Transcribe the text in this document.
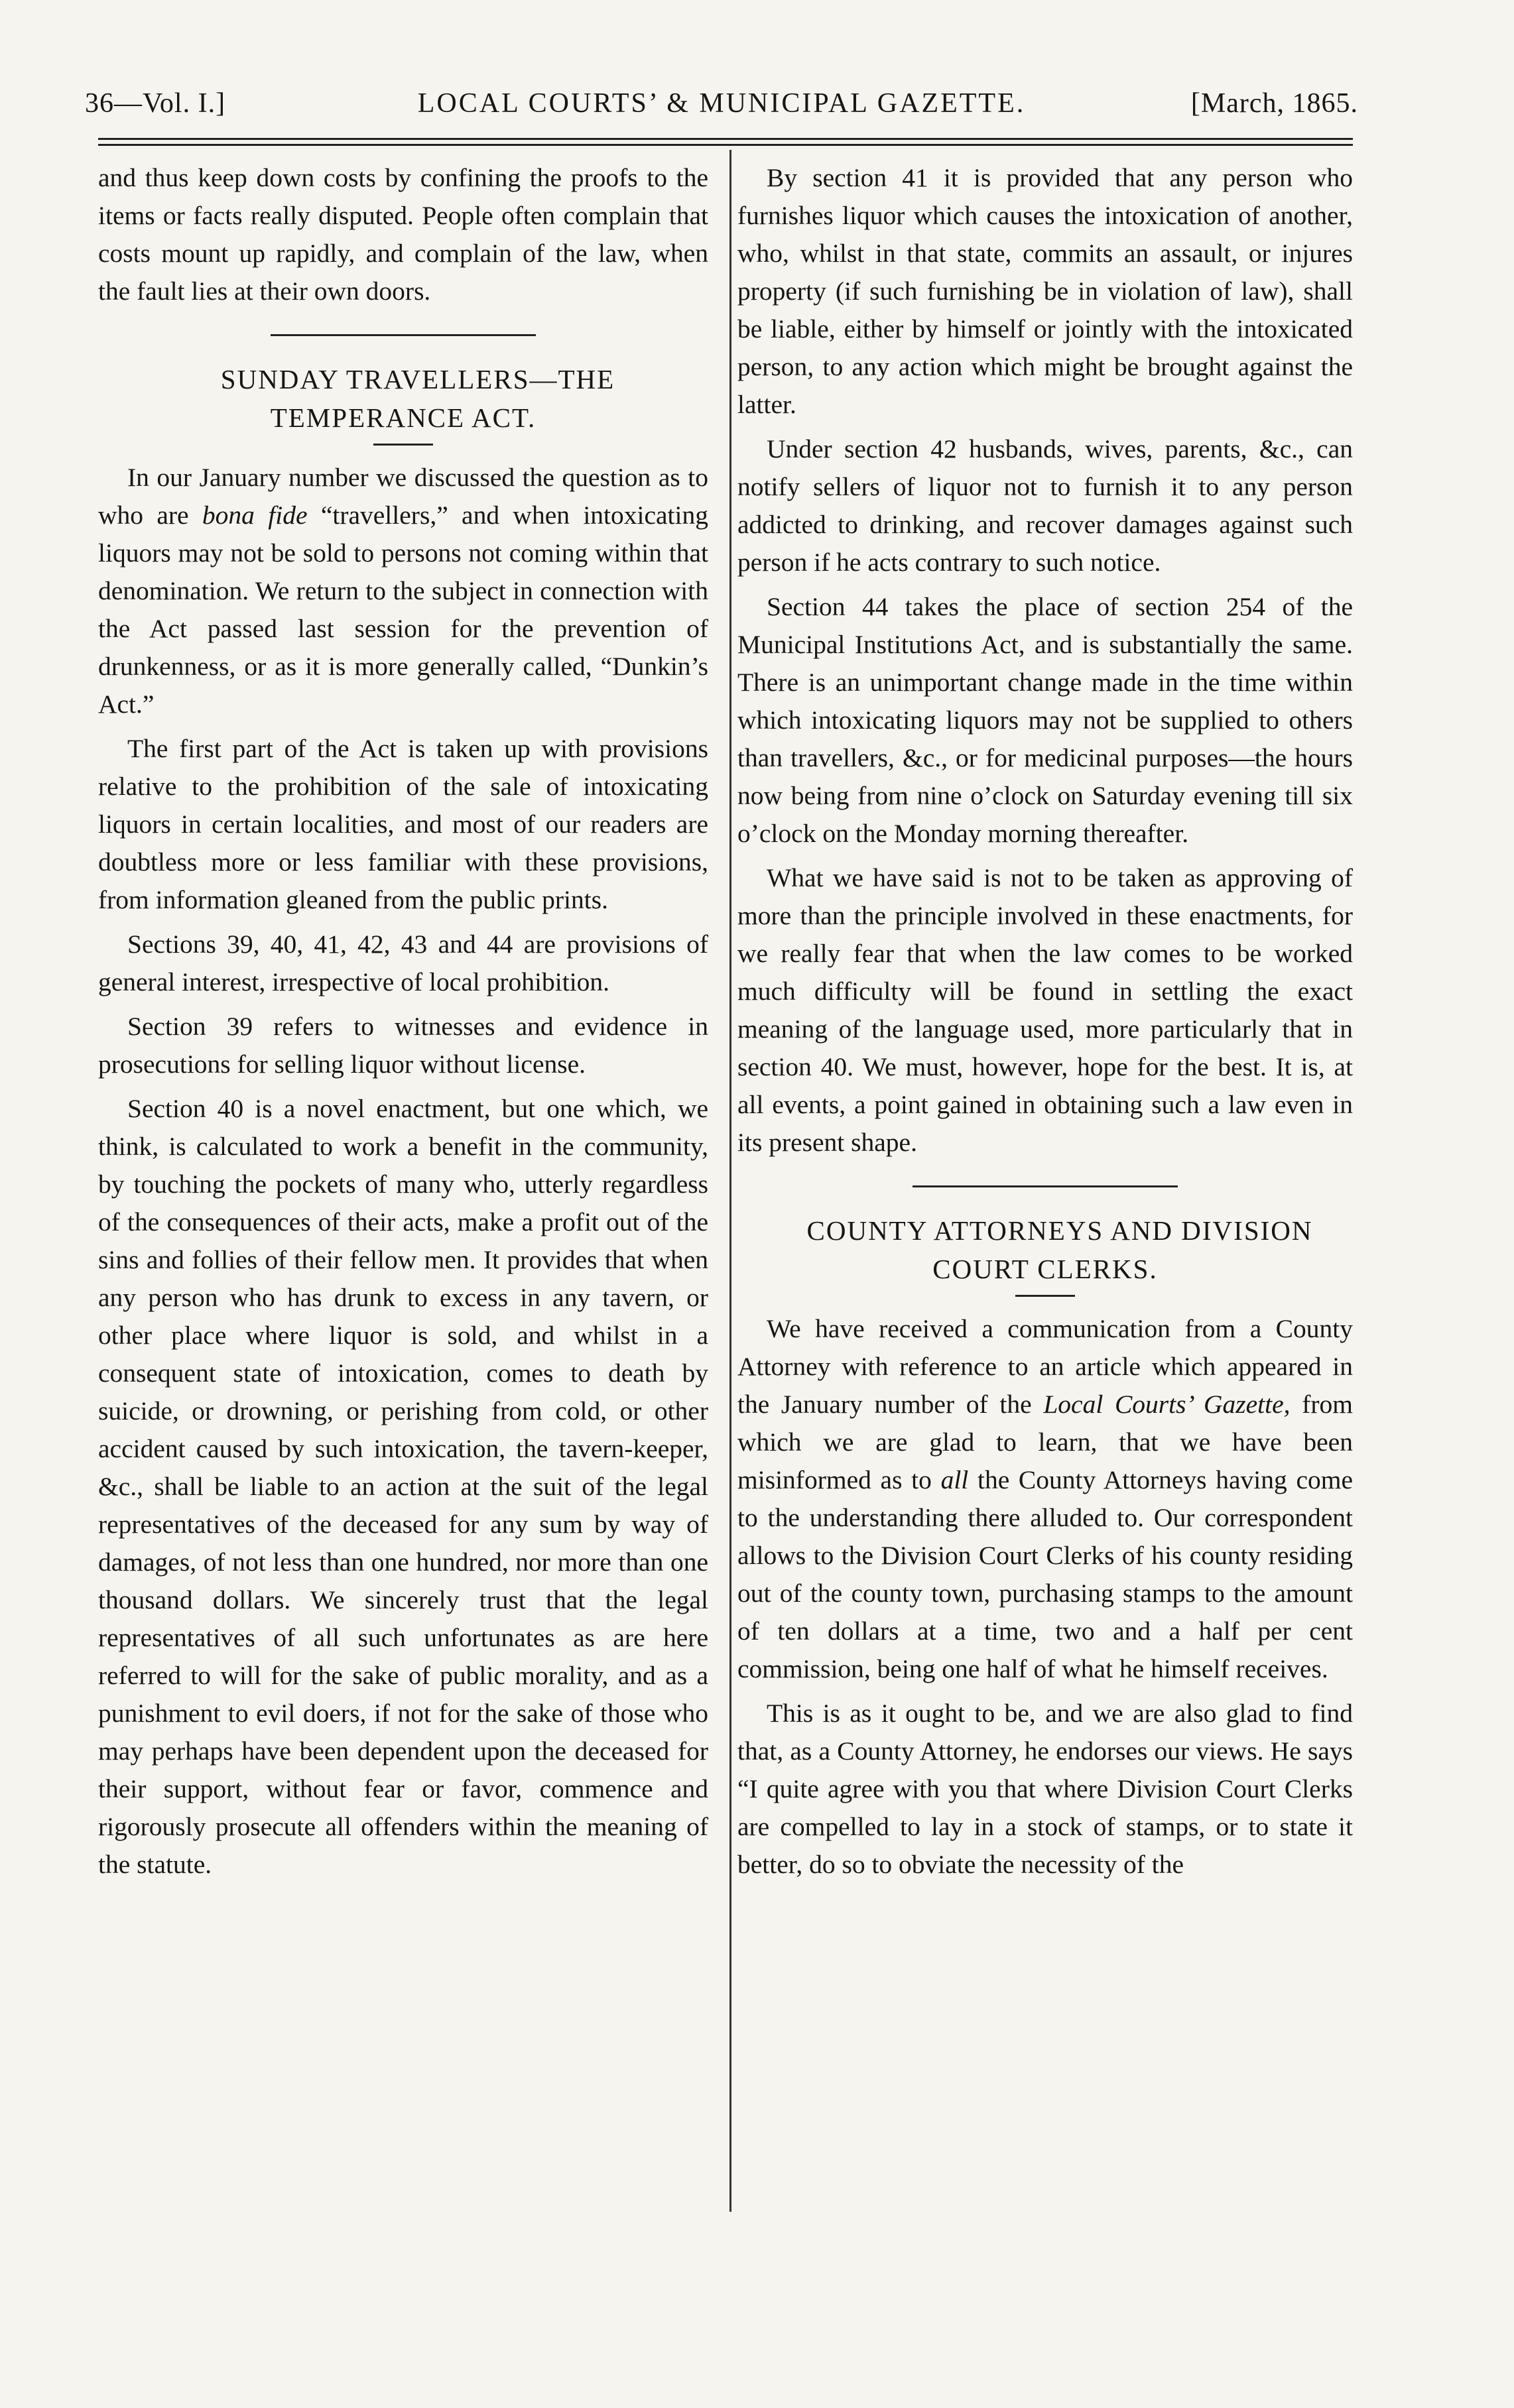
36—Vol. I.]	LOCAL COURTS’ & MUNICIPAL GAZETTE.	[March, 1865.

and thus keep down costs by confining the proofs to the items or facts really disputed. People often complain that costs mount up rapidly, and complain of the law, when the fault lies at their own doors.

SUNDAY TRAVELLERS—THE TEMPERANCE ACT.

In our January number we discussed the question as to who are bona fide “travellers,” and when intoxicating liquors may not be sold to persons not coming within that denomination. We return to the subject in connection with the Act passed last session for the prevention of drunkenness, or as it is more generally called, “Dunkin’s Act.”

The first part of the Act is taken up with provisions relative to the prohibition of the sale of intoxicating liquors in certain localities, and most of our readers are doubtless more or less familiar with these provisions, from information gleaned from the public prints.

Sections 39, 40, 41, 42, 43 and 44 are provisions of general interest, irrespective of local prohibition.

Section 39 refers to witnesses and evidence in prosecutions for selling liquor without license.

Section 40 is a novel enactment, but one which, we think, is calculated to work a benefit in the community, by touching the pockets of many who, utterly regardless of the consequences of their acts, make a profit out of the sins and follies of their fellow men. It provides that when any person who has drunk to excess in any tavern, or other place where liquor is sold, and whilst in a consequent state of intoxication, comes to death by suicide, or drowning, or perishing from cold, or other accident caused by such intoxication, the tavern-keeper, &c., shall be liable to an action at the suit of the legal representatives of the deceased for any sum by way of damages, of not less than one hundred, nor more than one thousand dollars. We sincerely trust that the legal representatives of all such unfortunates as are here referred to will for the sake of public morality, and as a punishment to evil doers, if not for the sake of those who may perhaps have been dependent upon the deceased for their support, without fear or favor, commence and rigorously prosecute all offenders within the meaning of the statute.

By section 41 it is provided that any person who furnishes liquor which causes the intoxication of another, who, whilst in that state, commits an assault, or injures property (if such furnishing be in violation of law), shall be liable, either by himself or jointly with the intoxicated person, to any action which might be brought against the latter.

Under section 42 husbands, wives, parents, &c., can notify sellers of liquor not to furnish it to any person addicted to drinking, and recover damages against such person if he acts contrary to such notice.

Section 44 takes the place of section 254 of the Municipal Institutions Act, and is substantially the same. There is an unimportant change made in the time within which intoxicating liquors may not be supplied to others than travellers, &c., or for medicinal purposes—the hours now being from nine o’clock on Saturday evening till six o’clock on the Monday morning thereafter.

What we have said is not to be taken as approving of more than the principle involved in these enactments, for we really fear that when the law comes to be worked much difficulty will be found in settling the exact meaning of the language used, more particularly that in section 40. We must, however, hope for the best. It is, at all events, a point gained in obtaining such a law even in its present shape.

COUNTY ATTORNEYS AND DIVISION COURT CLERKS.

We have received a communication from a County Attorney with reference to an article which appeared in the January number of the Local Courts’ Gazette, from which we are glad to learn, that we have been misinformed as to all the County Attorneys having come to the understanding there alluded to. Our correspondent allows to the Division Court Clerks of his county residing out of the county town, purchasing stamps to the amount of ten dollars at a time, two and a half per cent commission, being one half of what he himself receives.

This is as it ought to be, and we are also glad to find that, as a County Attorney, he endorses our views. He says “I quite agree with you that where Division Court Clerks are compelled to lay in a stock of stamps, or to state it better, do so to obviate the necessity of the
